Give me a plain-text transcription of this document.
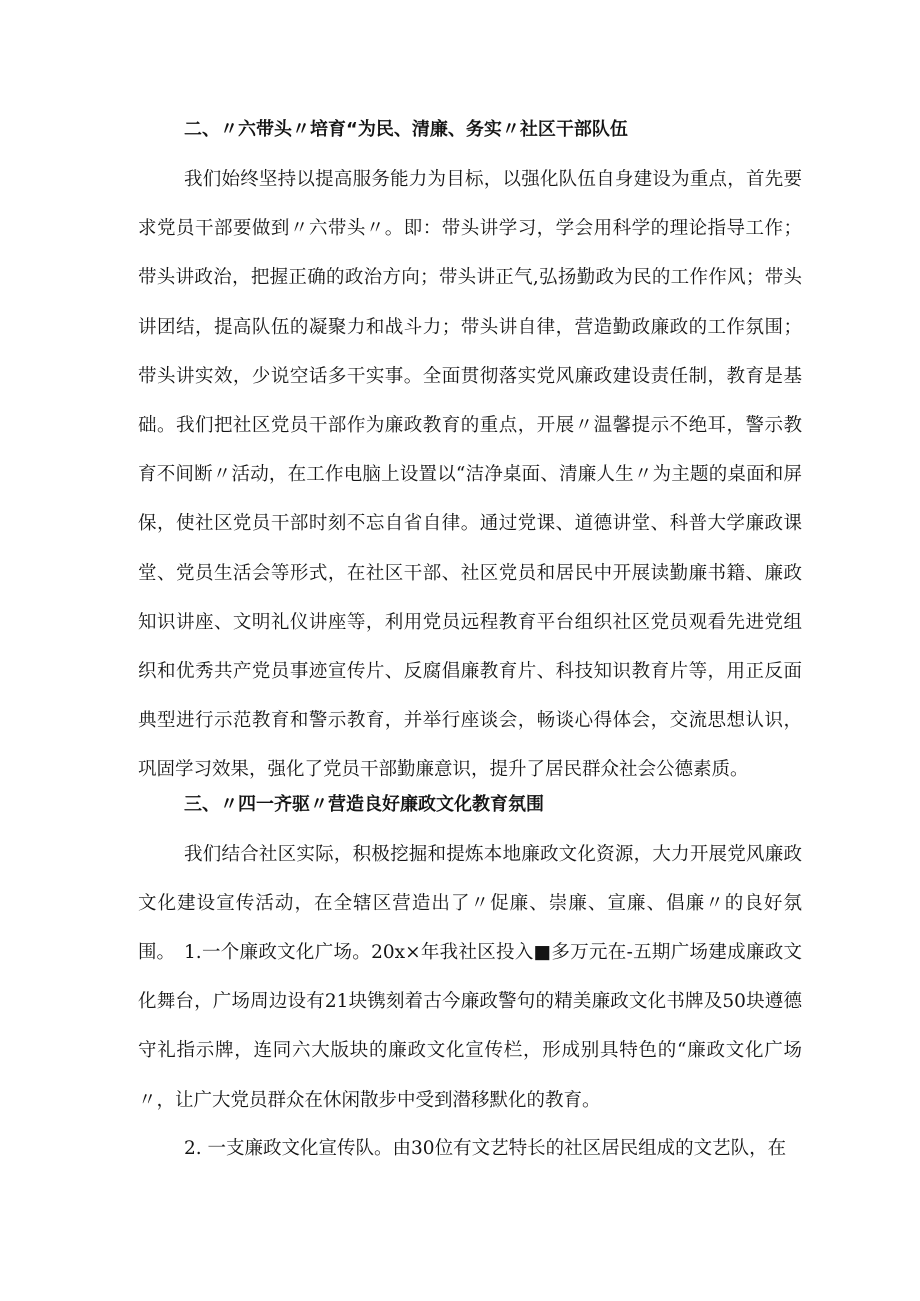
二、〃六带头〃培育“为民、清廉、务实〃社区干部队伍

我们始终坚持以提高服务能力为目标，以强化队伍自身建设为重点，首先要求党员干部要做到〃六带头〃。即：带头讲学习，学会用科学的理论指导工作；带头讲政治，把握正确的政治方向；带头讲正气,弘扬勤政为民的工作作风；带头讲团结，提高队伍的凝聚力和战斗力；带头讲自律，营造勤政廉政的工作氛围；带头讲实效，少说空话多干实事。全面贯彻落实党风廉政建设责任制，教育是基础。我们把社区党员干部作为廉政教育的重点，开展〃温馨提示不绝耳，警示教育不间断〃活动，在工作电脑上设置以“洁净桌面、清廉人生〃为主题的桌面和屏保，使社区党员干部时刻不忘自省自律。通过党课、道德讲堂、科普大学廉政课堂、党员生活会等形式，在社区干部、社区党员和居民中开展读勤廉书籍、廉政知识讲座、文明礼仪讲座等，利用党员远程教育平台组织社区党员观看先进党组织和优秀共产党员事迹宣传片、反腐倡廉教育片、科技知识教育片等，用正反面典型进行示范教育和警示教育，并举行座谈会，畅谈心得体会，交流思想认识，巩固学习效果，强化了党员干部勤廉意识，提升了居民群众社会公德素质。

三、〃四一齐驱〃营造良好廉政文化教育氛围

我们结合社区实际，积极挖掘和提炼本地廉政文化资源，大力开展党风廉政文化建设宣传活动，在全辖区营造出了〃促廉、崇廉、宣廉、倡廉〃的良好氛围。 1.一个廉政文化广场。20x×年我社区投入■多万元在-五期广场建成廉政文化舞台，广场周边设有21块镌刻着古今廉政警句的精美廉政文化书牌及50块遵德守礼指示牌，连同六大版块的廉政文化宣传栏，形成别具特色的“廉政文化广场〃，让广大党员群众在休闲散步中受到潜移默化的教育。

2. 一支廉政文化宣传队。由30位有文艺特长的社区居民组成的文艺队，在
